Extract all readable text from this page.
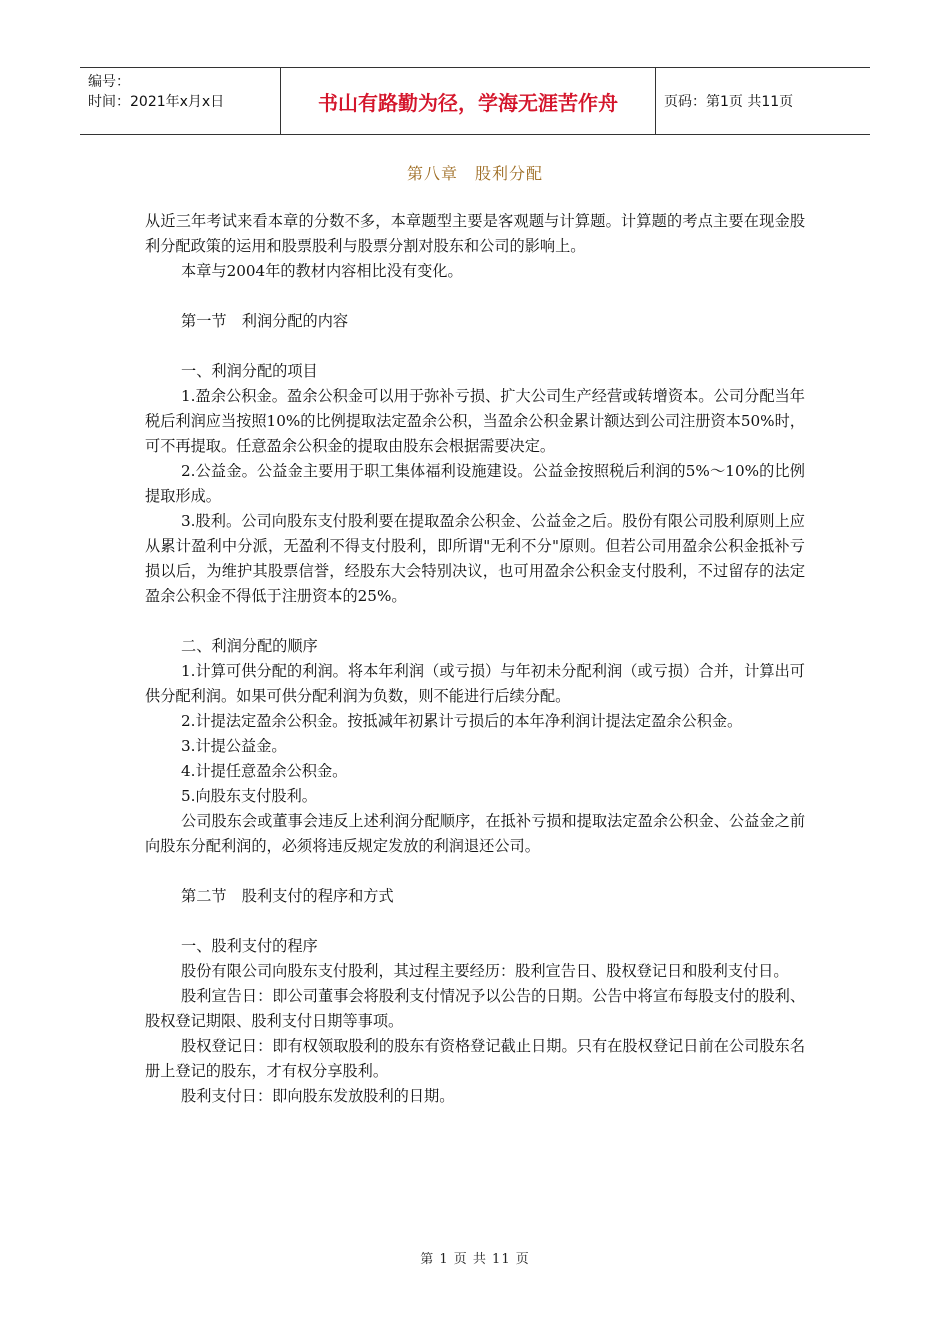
编号：
时间：2021年x月x日	书山有路勤为径，学海无涯苦作舟	页码：第1页 共11页
第八章　股利分配

从近三年考试来看本章的分数不多，本章题型主要是客观题与计算题。计算题的考点主要在现金股利分配政策的运用和股票股利与股票分割对股东和公司的影响上。

本章与2004年的教材内容相比没有变化。

第一节　利润分配的内容

一、利润分配的项目

1.盈余公积金。盈余公积金可以用于弥补亏损、扩大公司生产经营或转增资本。公司分配当年税后利润应当按照10%的比例提取法定盈余公积，当盈余公积金累计额达到公司注册资本50%时，可不再提取。任意盈余公积金的提取由股东会根据需要决定。

2.公益金。公益金主要用于职工集体福利设施建设。公益金按照税后利润的5%～10%的比例提取形成。

3.股利。公司向股东支付股利要在提取盈余公积金、公益金之后。股份有限公司股利原则上应从累计盈利中分派，无盈利不得支付股利，即所谓"无利不分"原则。但若公司用盈余公积金抵补亏损以后，为维护其股票信誉，经股东大会特别决议，也可用盈余公积金支付股利，不过留存的法定盈余公积金不得低于注册资本的25%。

二、利润分配的顺序

1.计算可供分配的利润。将本年利润（或亏损）与年初未分配利润（或亏损）合并，计算出可供分配利润。如果可供分配利润为负数，则不能进行后续分配。

2.计提法定盈余公积金。按抵减年初累计亏损后的本年净利润计提法定盈余公积金。

3.计提公益金。

4.计提任意盈余公积金。

5.向股东支付股利。

公司股东会或董事会违反上述利润分配顺序，在抵补亏损和提取法定盈余公积金、公益金之前向股东分配利润的，必须将违反规定发放的利润退还公司。

第二节　股利支付的程序和方式

一、股利支付的程序

股份有限公司向股东支付股利，其过程主要经历：股利宣告日、股权登记日和股利支付日。

股利宣告日：即公司董事会将股利支付情况予以公告的日期。公告中将宣布每股支付的股利、股权登记期限、股利支付日期等事项。

股权登记日：即有权领取股利的股东有资格登记截止日期。只有在股权登记日前在公司股东名册上登记的股东，才有权分享股利。

股利支付日：即向股东发放股利的日期。

第 1 页 共 11 页
